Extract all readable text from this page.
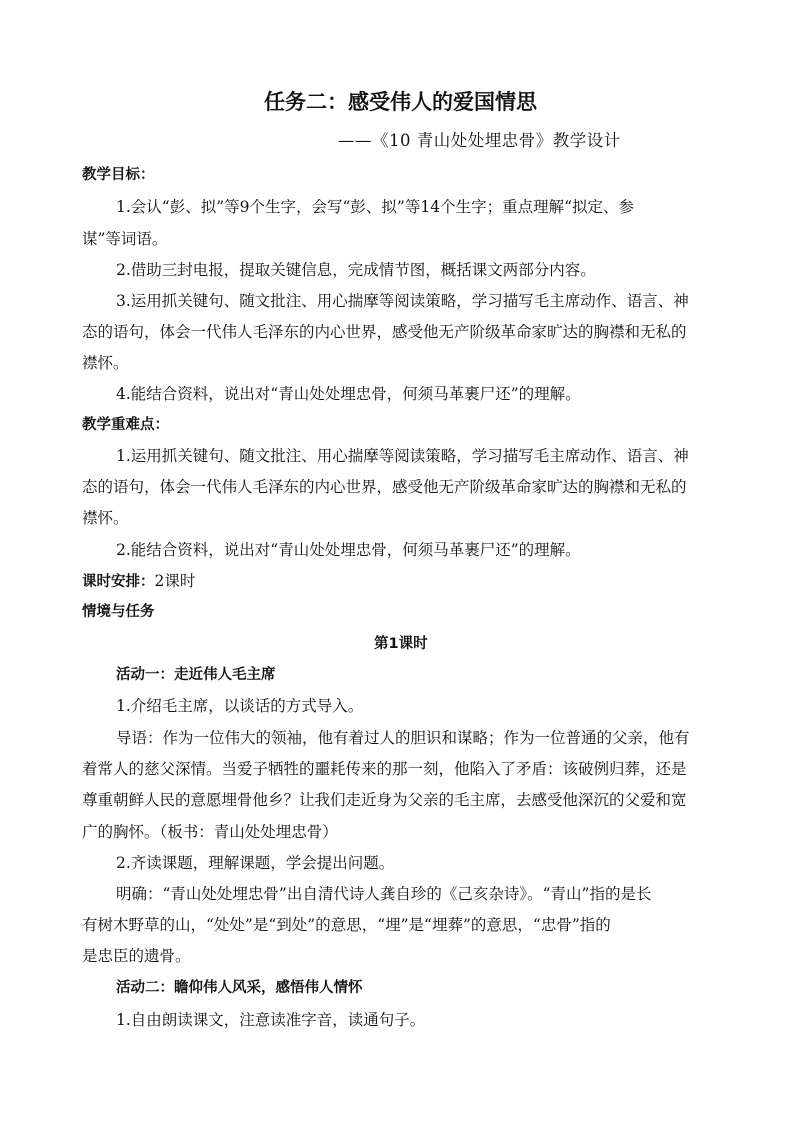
任务二：感受伟人的爱国情思
——《10 青山处处埋忠骨》教学设计
教学目标：
1.会认“彭、拟”等9个生字，会写“彭、拟”等14个生字；重点理解“拟定、参
谋”等词语。
2.借助三封电报，提取关键信息，完成情节图，概括课文两部分内容。
3.运用抓关键句、随文批注、用心揣摩等阅读策略，学习描写毛主席动作、语言、神
态的语句，体会一代伟人毛泽东的内心世界，感受他无产阶级革命家旷达的胸襟和无私的
襟怀。
4.能结合资料，说出对“青山处处埋忠骨，何须马革裹尸还”的理解。
教学重难点：
1.运用抓关键句、随文批注、用心揣摩等阅读策略，学习描写毛主席动作、语言、神
态的语句，体会一代伟人毛泽东的内心世界，感受他无产阶级革命家旷达的胸襟和无私的
襟怀。
2.能结合资料，说出对“青山处处埋忠骨，何须马革裹尸还”的理解。
课时安排：2课时
情境与任务
第1课时
活动一：走近伟人毛主席
1.介绍毛主席，以谈话的方式导入。
导语：作为一位伟大的领袖，他有着过人的胆识和谋略；作为一位普通的父亲，他有
着常人的慈父深情。当爱子牺牲的噩耗传来的那一刻，他陷入了矛盾：该破例归葬，还是
尊重朝鲜人民的意愿埋骨他乡？让我们走近身为父亲的毛主席，去感受他深沉的父爱和宽
广的胸怀。（板书：青山处处埋忠骨）
2.齐读课题，理解课题，学会提出问题。
明确：“青山处处埋忠骨”出自清代诗人龚自珍的《己亥杂诗》。“青山”指的是长
有树木野草的山，“处处”是“到处”的意思，“埋”是“埋葬”的意思，“忠骨”指的
是忠臣的遗骨。
活动二：瞻仰伟人风采，感悟伟人情怀
1.自由朗读课文，注意读准字音，读通句子。
